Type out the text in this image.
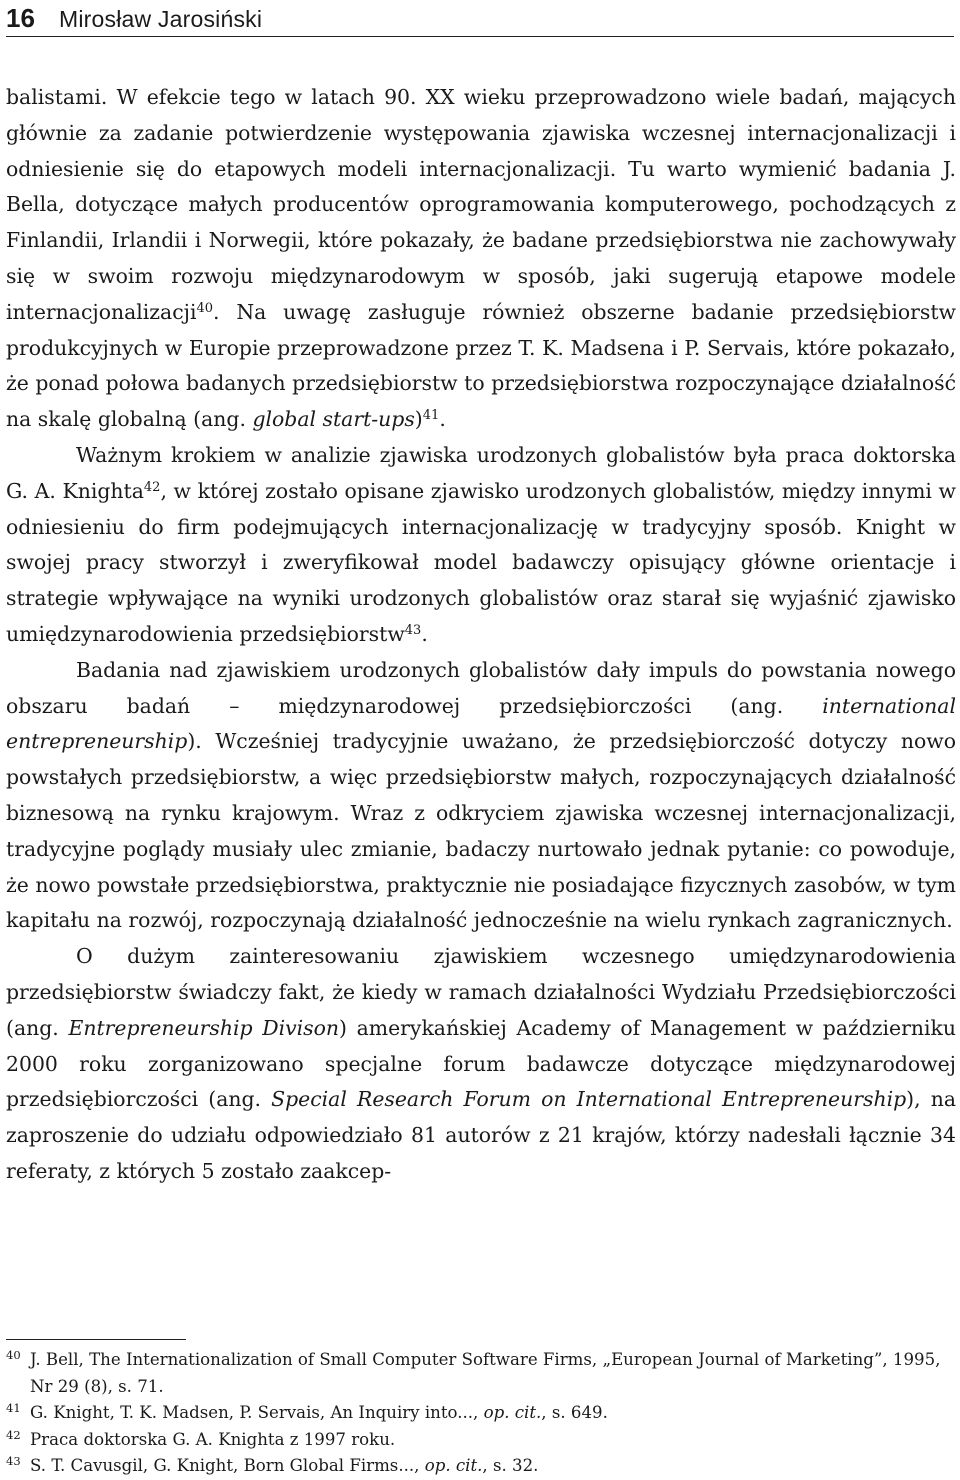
16 Mirosław Jarosiński

balistami. W efekcie tego w latach 90. XX wieku przeprowadzono wiele badań, mających głównie za zadanie potwierdzenie występowania zjawiska wczesnej internacjonalizacji i odniesienie się do etapowych modeli internacjonalizacji. Tu warto wymienić badania J. Bella, dotyczące małych producentów oprogramowania komputerowego, pochodzących z Finlandii, Irlandii i Norwegii, które pokazały, że badane przedsiębiorstwa nie zachowywały się w swoim rozwoju międzynarodowym w sposób, jaki sugerują etapowe modele internacjonalizacji$^{40}$. Na uwagę zasługuje również obszerne badanie przedsiębiorstw produkcyjnych w Europie przeprowadzone przez T. K. Madsena i P. Servais, które pokazało, że ponad połowa badanych przedsiębiorstw to przedsiębiorstwa rozpoczynające działalność na skalę globalną (ang. global start-ups)$^{41}$.

Ważnym krokiem w analizie zjawiska urodzonych globalistów była praca doktorska G. A. Knighta$^{42}$, w której zostało opisane zjawisko urodzonych globalistów, między innymi w odniesieniu do firm podejmujących internacjonalizację w tradycyjny sposób. Knight w swojej pracy stworzył i zweryfikował model badawczy opisujący główne orientacje i strategie wpływające na wyniki urodzonych globalistów oraz starał się wyjaśnić zjawisko umiędzynarodowienia przedsiębiorstw$^{43}$.

Badania nad zjawiskiem urodzonych globalistów dały impuls do powstania nowego obszaru badań – międzynarodowej przedsiębiorczości (ang. international entrepreneurship). Wcześniej tradycyjnie uważano, że przedsiębiorczość dotyczy nowo powstałych przedsiębiorstw, a więc przedsiębiorstw małych, rozpoczynających działalność biznesową na rynku krajowym. Wraz z odkryciem zjawiska wczesnej internacjonalizacji, tradycyjne poglądy musiały ulec zmianie, badaczy nurtowało jednak pytanie: co powoduje, że nowo powstałe przedsiębiorstwa, praktycznie nie posiadające fizycznych zasobów, w tym kapitału na rozwój, rozpoczynają działalność jednocześnie na wielu rynkach zagranicznych.

O dużym zainteresowaniu zjawiskiem wczesnego umiędzynarodowienia przedsiębiorstw świadczy fakt, że kiedy w ramach działalności Wydziału Przedsiębiorczości (ang. Entrepreneurship Divison) amerykańskiej Academy of Management w październiku 2000 roku zorganizowano specjalne forum badawcze dotyczące międzynarodowej przedsiębiorczości (ang. Special Research Forum on International Entrepreneurship), na zaproszenie do udziału odpowiedziało 81 autorów z 21 krajów, którzy nadesłali łącznie 34 referaty, z których 5 zostało zaakcep-

40 J. Bell, The Internationalization of Small Computer Software Firms, „European Journal of Marketing”, 1995, Nr 29 (8), s. 71.
41 G. Knight, T. K. Madsen, P. Servais, An Inquiry into..., op. cit., s. 649.
42 Praca doktorska G. A. Knighta z 1997 roku.
43 S. T. Cavusgil, G. Knight, Born Global Firms..., op. cit., s. 32.
